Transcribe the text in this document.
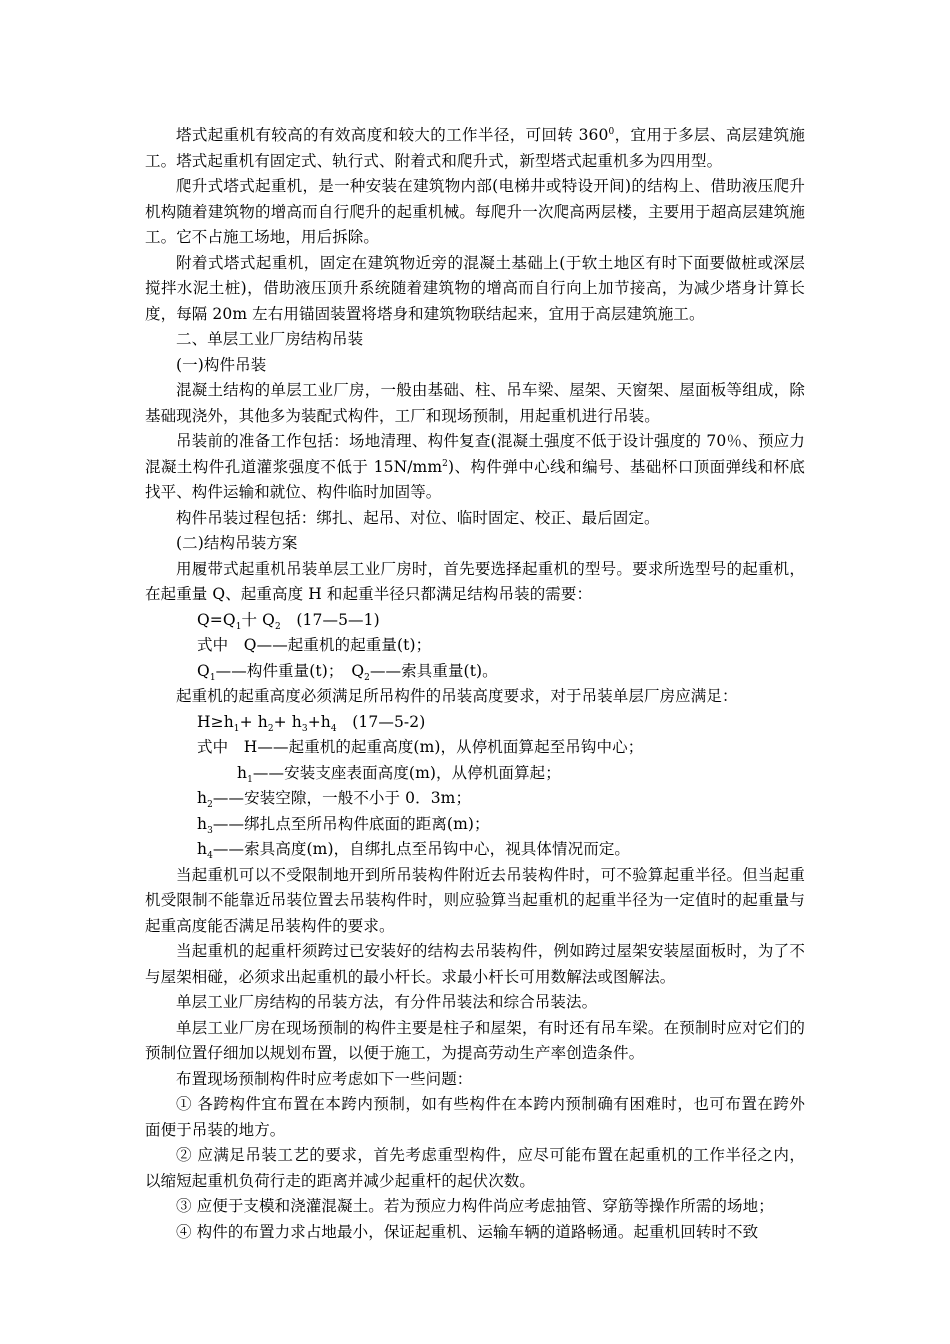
塔式起重机有较高的有效高度和较大的工作半径，可回转 $360^0$，宜用于多层、高层建筑施工。塔式起重机有固定式、轨行式、附着式和爬升式，新型塔式起重机多为四用型。

爬升式塔式起重机，是一种安装在建筑物内部(电梯井或特设开间)的结构上、借助液压爬升机构随着建筑物的增高而自行爬升的起重机械。每爬升一次爬高两层楼，主要用于超高层建筑施工。它不占施工场地，用后拆除。

附着式塔式起重机，固定在建筑物近旁的混凝土基础上(于软土地区有时下面要做桩或深层搅拌水泥土桩)，借助液压顶升系统随着建筑物的增高而自行向上加节接高，为减少塔身计算长度，每隔 20m 左右用锚固装置将塔身和建筑物联结起来，宜用于高层建筑施工。

二、单层工业厂房结构吊装

(一)构件吊装

混凝土结构的单层工业厂房，一般由基础、柱、吊车梁、屋架、天窗架、屋面板等组成，除基础现浇外，其他多为装配式构件，工厂和现场预制，用起重机进行吊装。

吊装前的准备工作包括：场地清理、构件复查(混凝土强度不低于设计强度的 70％、预应力混凝土构件孔道灌浆强度不低于 $15N/mm^2$)、构件弹中心线和编号、基础杯口顶面弹线和杯底找平、构件运输和就位、构件临时加固等。

构件吊装过程包括：绑扎、起吊、对位、临时固定、校正、最后固定。

(二)结构吊装方案

用履带式起重机吊装单层工业厂房时，首先要选择起重机的型号。要求所选型号的起重机，在起重量 Q、起重高度 H 和起重半径只都满足结构吊装的需要：

$Q=Q_1$十 $Q_2$　(17—5—1)

式中　Q——起重机的起重量(t)；

$Q_1——$构件重量(t)；　$Q_2——$索具重量(t)。

起重机的起重高度必须满足所吊构件的吊装高度要求，对于吊装单层厂房应满足：

$H\ge h_1+ h_2+ h_3+h_4$　(17—5-2)

式中　H——起重机的起重高度(m)，从停机面算起至吊钩中心；

$h_1——$安装支座表面高度(m)，从停机面算起；

$h_2——$安装空隙，一般不小于 0．3m；

$h_3——$绑扎点至所吊构件底面的距离(m)；

$h_4——$索具高度(m)，自绑扎点至吊钩中心，视具体情况而定。

当起重机可以不受限制地开到所吊装构件附近去吊装构件时，可不验算起重半径。但当起重机受限制不能靠近吊装位置去吊装构件时，则应验算当起重机的起重半径为一定值时的起重量与起重高度能否满足吊装构件的要求。

当起重机的起重杆须跨过已安装好的结构去吊装构件，例如跨过屋架安装屋面板时，为了不与屋架相碰，必须求出起重机的最小杆长。求最小杆长可用数解法或图解法。

单层工业厂房结构的吊装方法，有分件吊装法和综合吊装法。

单层工业厂房在现场预制的构件主要是柱子和屋架，有时还有吊车梁。在预制时应对它们的预制位置仔细加以规划布置，以便于施工，为提高劳动生产率创造条件。

布置现场预制构件时应考虑如下一些问题：

① 各跨构件宜布置在本跨内预制，如有些构件在本跨内预制确有困难时，也可布置在跨外面便于吊装的地方。

② 应满足吊装工艺的要求，首先考虑重型构件，应尽可能布置在起重机的工作半径之内，以缩短起重机负荷行走的距离并减少起重杆的起伏次数。

③ 应便于支模和浇灌混凝土。若为预应力构件尚应考虑抽管、穿筋等操作所需的场地；

④ 构件的布置力求占地最小，保证起重机、运输车辆的道路畅通。起重机回转时不致
